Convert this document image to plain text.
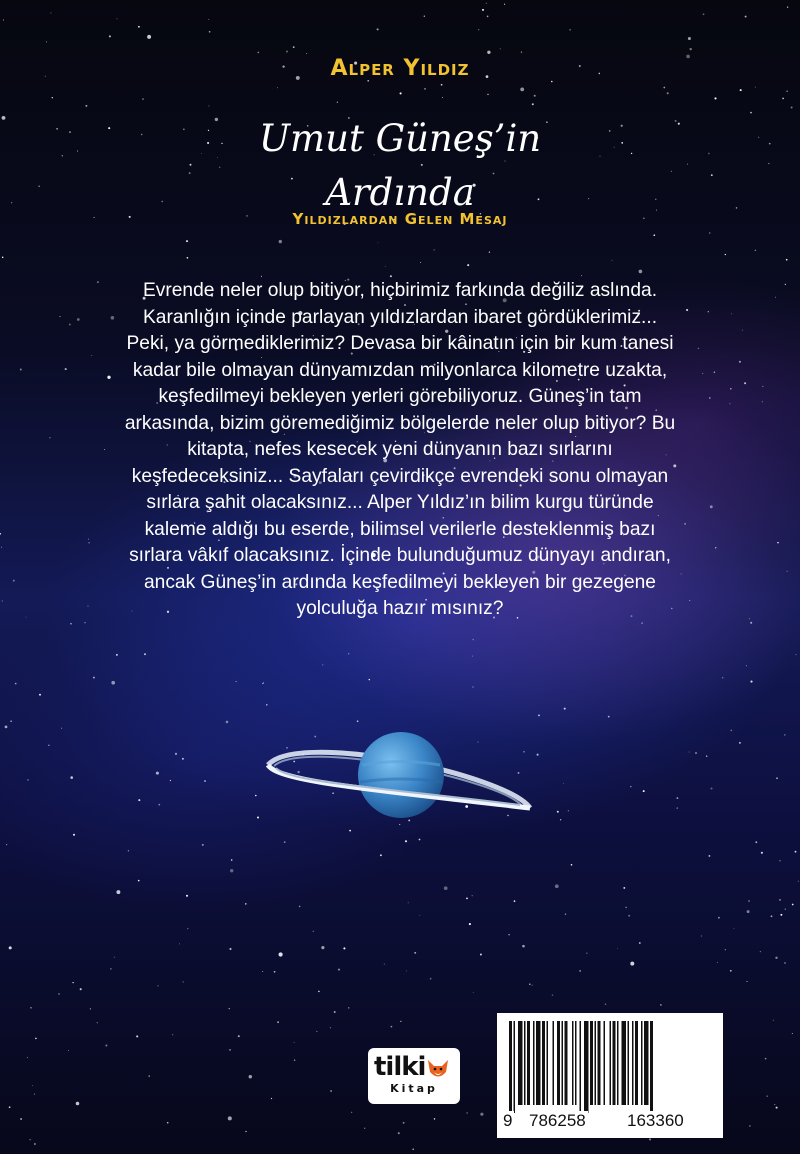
Alper Yıldız
Umut Güneş’in
Ardında
Yıldızlardan Gelen Mesaj

Evrende neler olup bitiyor, hiçbirimiz farkında değiliz aslında. Karanlığın içinde parlayan yıldızlardan ibaret gördüklerimiz... Peki, ya görmediklerimiz? Devasa bir kâinatın için bir kum tanesi kadar bile olmayan dünyamızdan milyonlarca kilometre uzakta, keşfedilmeyi bekleyen yerleri görebiliyoruz. Güneş’in tam arkasında, bizim göremediğimiz bölgelerde neler olup bitiyor? Bu kitapta, nefes kesecek yeni dünyanın bazı sırlarını keşfedeceksiniz... Sayfaları çevirdikçe evrendeki sonu olmayan sırlara şahit olacaksınız... Alper Yıldız’ın bilim kurgu türünde kaleme aldığı bu eserde, bilimsel verilerle desteklenmiş bazı sırlara vâkıf olacaksınız. İçinde bulunduğumuz dünyayı andıran, ancak Güneş’in ardında keşfedilmeyi bekleyen bir gezegene yolculuğa hazır mısınız?

tilki
Kitap
9 786258 163360
